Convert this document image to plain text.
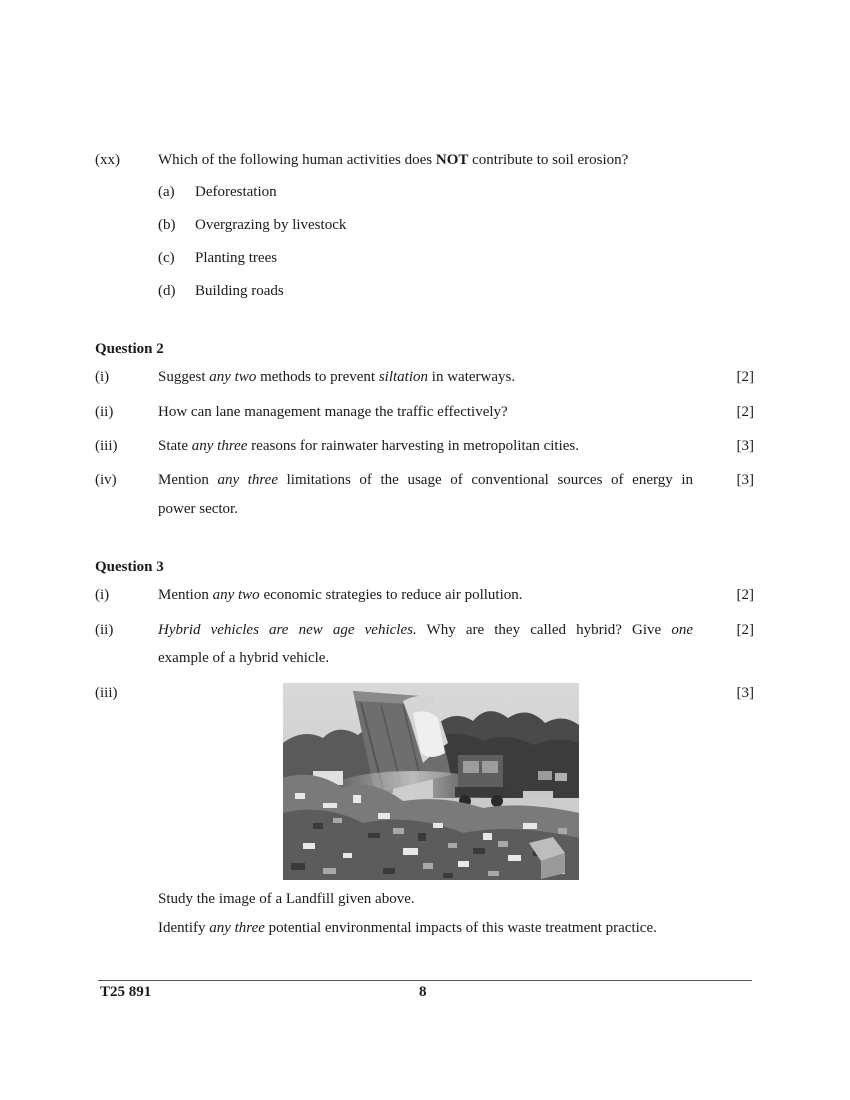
(xx)	Which of the following human activities does NOT contribute to soil erosion?
(a) Deforestation
(b) Overgrazing by livestock
(c) Planting trees
(d) Building roads
Question 2
(i)	Suggest any two methods to prevent siltation in waterways.	[2]
(ii)	How can lane management manage the traffic effectively?	[2]
(iii)	State any three reasons for rainwater harvesting in metropolitan cities.	[3]
(iv)	Mention any three limitations of the usage of conventional sources of energy in
power sector.
[3]
Question 3
(i)	Mention any two economic strategies to reduce air pollution.	[2]
(ii)	Hybrid vehicles are new age vehicles. Why are they called hybrid? Give one
example of a hybrid vehicle.
[2]
(iii)	[3]
Study the image of a Landfill given above.
Identify any three potential environmental impacts of this waste treatment practice.
T25 891	8
